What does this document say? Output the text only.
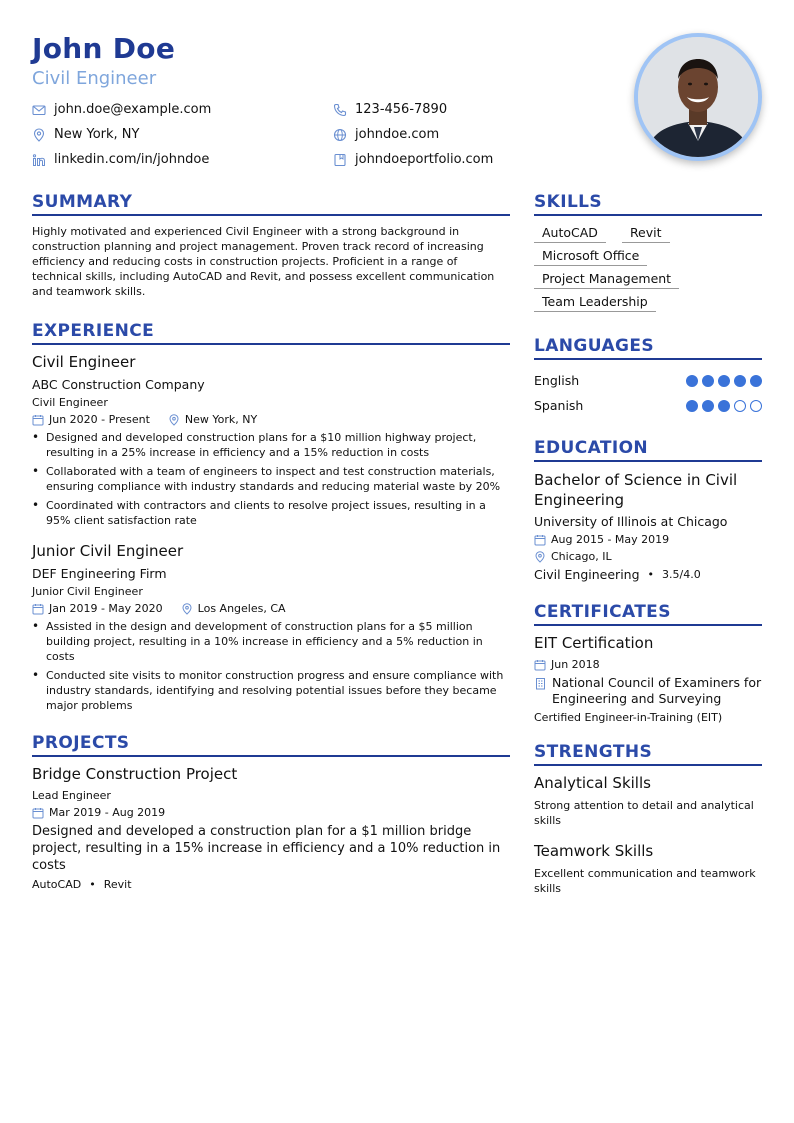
John Doe
Civil Engineer
john.doe@example.com	123-456-7890
New York, NY	johndoe.com
linkedin.com/in/johndoe	johndoeportfolio.com
SUMMARY
Highly motivated and experienced Civil Engineer with a strong background in construction planning and project management. Proven track record of increasing efficiency and reducing costs in construction projects. Proficient in a range of technical skills, including AutoCAD and Revit, and possess excellent communication and teamwork skills.
EXPERIENCE
Civil Engineer
ABC Construction Company
Civil Engineer
Jun 2020 - Present	New York, NY
• Designed and developed construction plans for a $10 million highway project, resulting in a 25% increase in efficiency and a 15% reduction in costs
• Collaborated with a team of engineers to inspect and test construction materials, ensuring compliance with industry standards and reducing material waste by 20%
• Coordinated with contractors and clients to resolve project issues, resulting in a 95% client satisfaction rate
Junior Civil Engineer
DEF Engineering Firm
Junior Civil Engineer
Jan 2019 - May 2020	Los Angeles, CA
• Assisted in the design and development of construction plans for a $5 million building project, resulting in a 10% increase in efficiency and a 5% reduction in costs
• Conducted site visits to monitor construction progress and ensure compliance with industry standards, identifying and resolving potential issues before they became major problems
PROJECTS
Bridge Construction Project
Lead Engineer
Mar 2019 - Aug 2019
Designed and developed a construction plan for a $1 million bridge project, resulting in a 15% increase in efficiency and a 10% reduction in costs
AutoCAD • Revit
SKILLS
AutoCAD	Revit
Microsoft Office
Project Management
Team Leadership
LANGUAGES
English
Spanish
EDUCATION
Bachelor of Science in Civil Engineering
University of Illinois at Chicago
Aug 2015 - May 2019
Chicago, IL
Civil Engineering • 3.5/4.0
CERTIFICATES
EIT Certification
Jun 2018
National Council of Examiners for Engineering and Surveying
Certified Engineer-in-Training (EIT)
STRENGTHS
Analytical Skills
Strong attention to detail and analytical skills
Teamwork Skills
Excellent communication and teamwork skills
